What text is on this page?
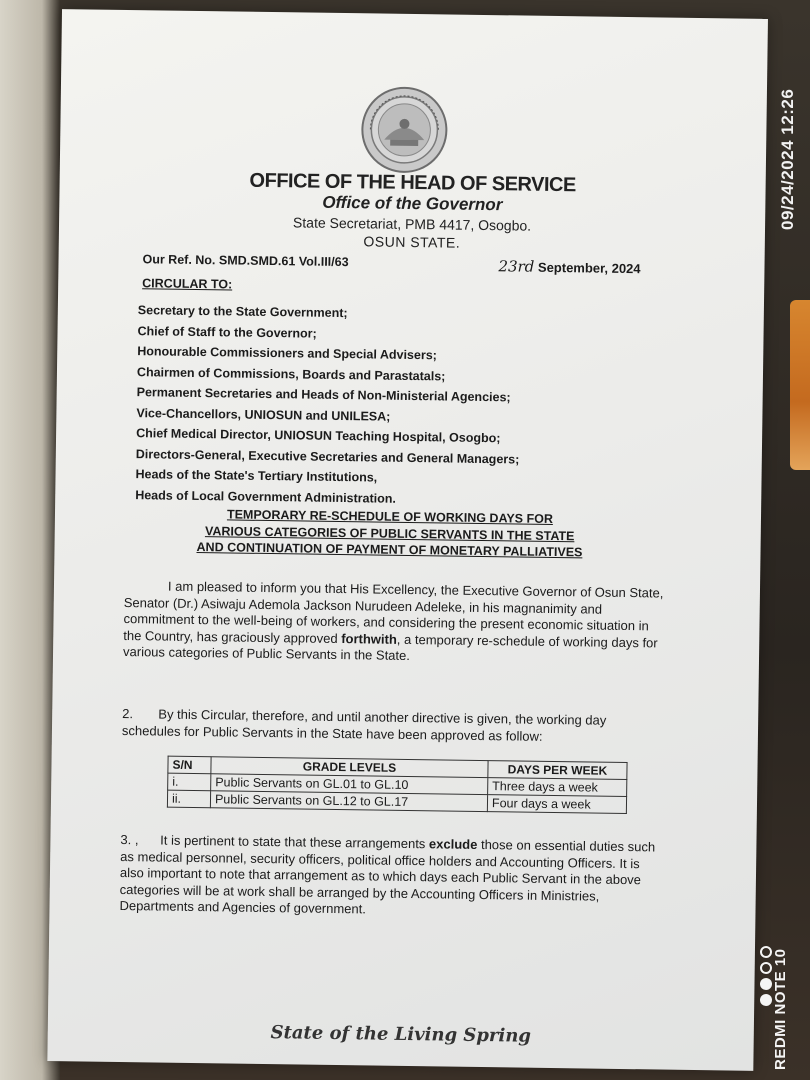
OFFICE OF THE HEAD OF SERVICE
Office of the Governor
State Secretariat, PMB 4417, Osogbo.
OSUN STATE.
Our Ref. No. SMD.SMD.61 Vol.III/63	23rd September, 2024
CIRCULAR TO:
Secretary to the State Government;
Chief of Staff to the Governor;
Honourable Commissioners and Special Advisers;
Chairmen of Commissions, Boards and Parastatals;
Permanent Secretaries and Heads of Non-Ministerial Agencies;
Vice-Chancellors, UNIOSUN and UNILESA;
Chief Medical Director, UNIOSUN Teaching Hospital, Osogbo;
Directors-General, Executive Secretaries and General Managers;
Heads of the State's Tertiary Institutions,
Heads of Local Government Administration.
TEMPORARY RE-SCHEDULE OF WORKING DAYS FOR
VARIOUS CATEGORIES OF PUBLIC SERVANTS IN THE STATE
AND CONTINUATION OF PAYMENT OF MONETARY PALLIATIVES

I am pleased to inform you that His Excellency, the Executive Governor of Osun State, Senator (Dr.) Asiwaju Ademola Jackson Nurudeen Adeleke, in his magnanimity and commitment to the well-being of workers, and considering the present economic situation in the Country, has graciously approved forthwith, a temporary re-schedule of working days for various categories of Public Servants in the State.

2. By this Circular, therefore, and until another directive is given, the working day schedules for Public Servants in the State have been approved as follow:

S/N	GRADE LEVELS	DAYS PER WEEK
i.	Public Servants on GL.01 to GL.10	Three days a week
ii.	Public Servants on GL.12 to GL.17	Four days a week

3. , It is pertinent to state that these arrangements exclude those on essential duties such as medical personnel, security officers, political office holders and Accounting Officers. It is also important to note that arrangement as to which days each Public Servant in the above categories will be at work shall be arranged by the Accounting Officers in Ministries, Departments and Agencies of government.

State of the Living Spring
09/24/2024 12:26
REDMI NOTE 10
